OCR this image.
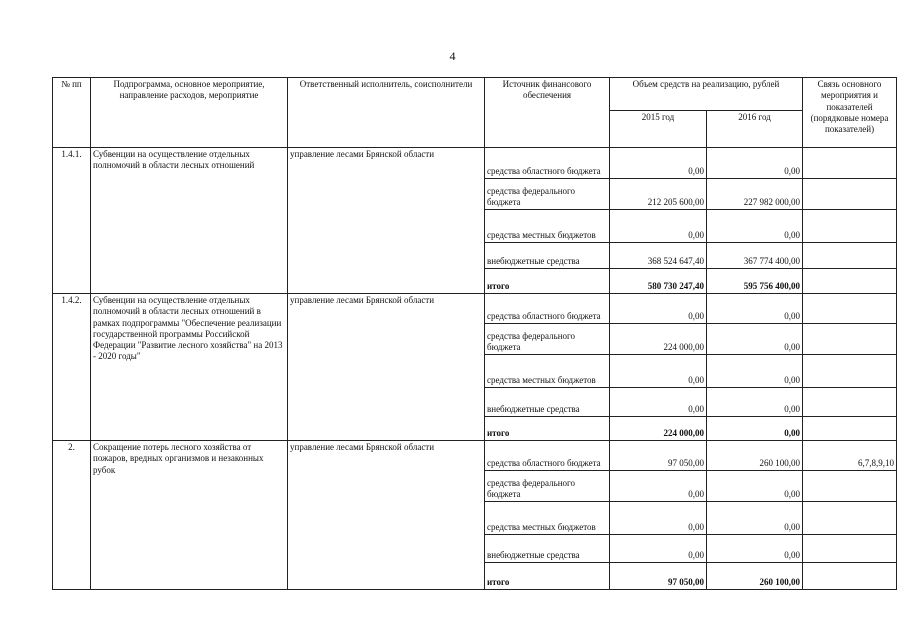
4
№ пп	Подпрограмма, основное мероприятие, направление расходов, мероприятие	Ответственный исполнитель, соисполнители	Источник финансового обеспечения	Объем средств на реализацию, рублей		Связь основного мероприятия и показателей (порядковые номера показателей)
				2015 год	2016 год	
1.4.1.	Субвенции на осуществление отдельных полномочий в области лесных отношений	управление лесами Брянской области	средства областного бюджета	0,00	0,00	
			средства федерального бюджета	212 205 600,00	227 982 000,00	
			средства местных бюджетов	0,00	0,00	
			внебюджетные средства	368 524 647,40	367 774 400,00	
			итого	580 730 247,40	595 756 400,00	
1.4.2.	Субвенции на осуществление отдельных полномочий в области лесных отношений в рамках подпрограммы "Обеспечение реализации государственной программы Российской Федерации "Развитие лесного хозяйства" на 2013 - 2020 годы"	управление лесами Брянской области	средства областного бюджета	0,00	0,00	
			средства федерального бюджета	224 000,00	0,00	
			средства местных бюджетов	0,00	0,00	
			внебюджетные средства	0,00	0,00	
			итого	224 000,00	0,00	
2.	Сокращение потерь лесного хозяйства от пожаров, вредных организмов и незаконных рубок	управление лесами Брянской области	средства областного бюджета	97 050,00	260 100,00	6,7,8,9,10
			средства федерального бюджета	0,00	0,00	
			средства местных бюджетов	0,00	0,00	
			внебюджетные средства	0,00	0,00	
			итого	97 050,00	260 100,00	
